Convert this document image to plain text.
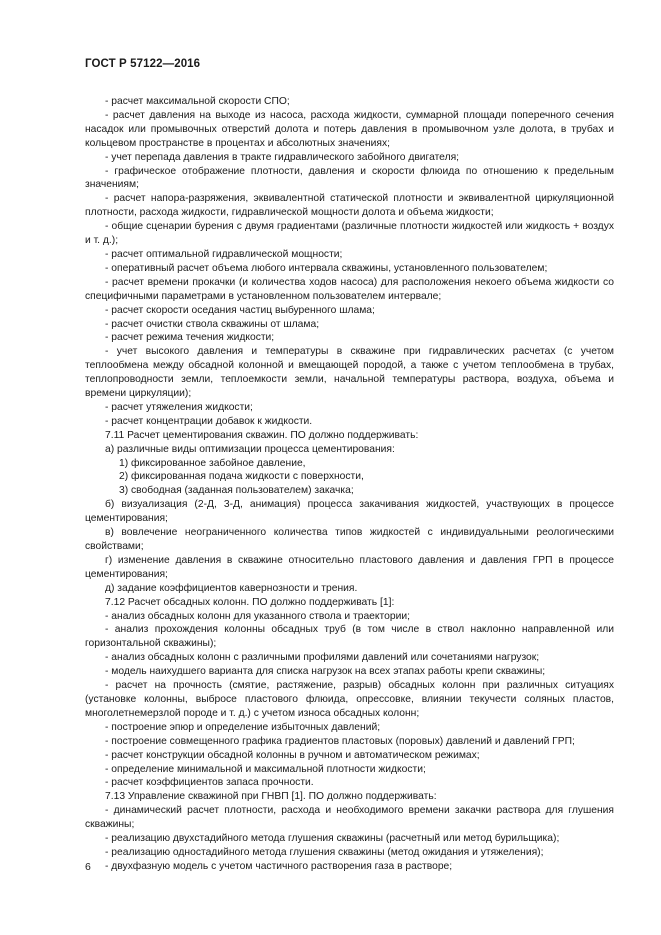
ГОСТ Р 57122—2016

- расчет максимальной скорости СПО;

- расчет давления на выходе из насоса, расхода жидкости, суммарной площади поперечного сечения насадок или промывочных отверстий долота и потерь давления в промывочном узле долота, в трубах и кольцевом пространстве в процентах и абсолютных значениях;

- учет перепада давления в тракте гидравлического забойного двигателя;

- графическое отображение плотности, давления и скорости флюида по отношению к предельным значениям;

- расчет напора-разряжения, эквивалентной статической плотности и эквивалентной циркуляционной плотности, расхода жидкости, гидравлической мощности долота и объема жидкости;

- общие сценарии бурения с двумя градиентами (различные плотности жидкостей или жидкость + воздух и т. д.);

- расчет оптимальной гидравлической мощности;

- оперативный расчет объема любого интервала скважины, установленного пользователем;

- расчет времени прокачки (и количества ходов насоса) для расположения некоего объема жидкости со специфичными параметрами в установленном пользователем интервале;

- расчет скорости оседания частиц выбуренного шлама;

- расчет очистки ствола скважины от шлама;

- расчет режима течения жидкости;

- учет высокого давления и температуры в скважине при гидравлических расчетах (с учетом теплообмена между обсадной колонной и вмещающей породой, а также с учетом теплообмена в трубах, теплопроводности земли, теплоемкости земли, начальной температуры раствора, воздуха, объема и времени циркуляции);

- расчет утяжеления жидкости;

- расчет концентрации добавок к жидкости.

7.11 Расчет цементирования скважин. ПО должно поддерживать:

а) различные виды оптимизации процесса цементирования:

1) фиксированное забойное давление,

2) фиксированная подача жидкости с поверхности,

3) свободная (заданная пользователем) закачка;

б) визуализация (2-Д, 3-Д, анимация) процесса закачивания жидкостей, участвующих в процессе цементирования;

в) вовлечение неограниченного количества типов жидкостей с индивидуальными реологическими свойствами;

г) изменение давления в скважине относительно пластового давления и давления ГРП в процессе цементирования;

д) задание коэффициентов кавернозности и трения.

7.12 Расчет обсадных колонн. ПО должно поддерживать [1]:

- анализ обсадных колонн для указанного ствола и траектории;

- анализ прохождения колонны обсадных труб (в том числе в ствол наклонно направленной или горизонтальной скважины);

- анализ обсадных колонн с различными профилями давлений или сочетаниями нагрузок;

- модель наихудшего варианта для списка нагрузок на всех этапах работы крепи скважины;

- расчет на прочность (смятие, растяжение, разрыв) обсадных колонн при различных ситуациях (установке колонны, выбросе пластового флюида, опрессовке, влиянии текучести соляных пластов, многолетнемерзлой породе и т. д.) с учетом износа обсадных колонн;

- построение эпюр и определение избыточных давлений;

- построение совмещенного графика градиентов пластовых (поровых) давлений и давлений ГРП;

- расчет конструкции обсадной колонны в ручном и автоматическом режимах;

- определение минимальной и максимальной плотности жидкости;

- расчет коэффициентов запаса прочности.

7.13 Управление скважиной при ГНВП [1]. ПО должно поддерживать:

- динамический расчет плотности, расхода и необходимого времени закачки раствора для глушения скважины;

- реализацию двухстадийного метода глушения скважины (расчетный или метод бурильщика);

- реализацию одностадийного метода глушения скважины (метод ожидания и утяжеления);

- двухфазную модель с учетом частичного растворения газа в растворе;

6
